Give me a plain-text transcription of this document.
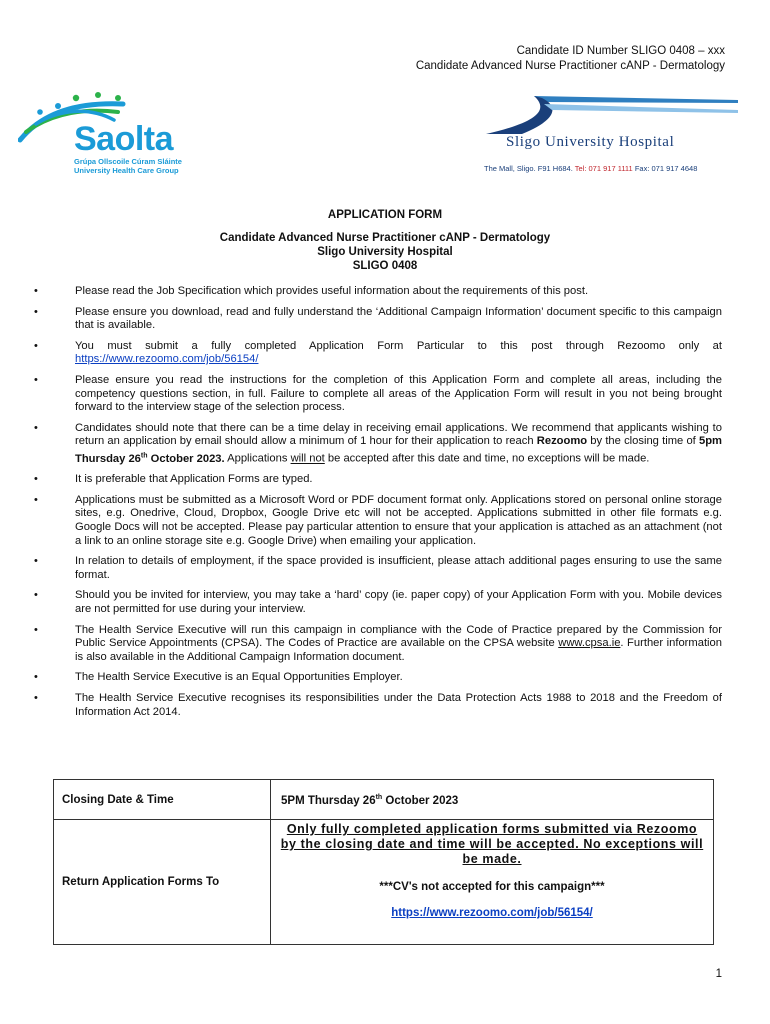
Candidate ID Number SLIGO 0408 – xxx
Candidate Advanced Nurse Practitioner cANP - Dermatology
Saolta
Grúpa Ollscoile Cúram Sláinte
University Health Care Group
Sligo University Hospital
The Mall, Sligo. F91 H684. Tel: 071 917 1111 Fax: 071 917 4648
APPLICATION FORM
Candidate Advanced Nurse Practitioner cANP - Dermatology
Sligo University Hospital
SLIGO 0408
• Please read the Job Specification which provides useful information about the requirements of this post.
• Please ensure you download, read and fully understand the ‘Additional Campaign Information’ document specific to this campaign that is available.
• You must submit a fully completed Application Form Particular to this post through Rezoomo only at https://www.rezoomo.com/job/56154/
• Please ensure you read the instructions for the completion of this Application Form and complete all areas, including the competency questions section, in full. Failure to complete all areas of the Application Form will result in you not being brought forward to the interview stage of the selection process.
• Candidates should note that there can be a time delay in receiving email applications. We recommend that applicants wishing to return an application by email should allow a minimum of 1 hour for their application to reach Rezoomo by the closing time of 5pm Thursday 26th October 2023. Applications will not be accepted after this date and time, no exceptions will be made.
• It is preferable that Application Forms are typed.
• Applications must be submitted as a Microsoft Word or PDF document format only. Applications stored on personal online storage sites, e.g. Onedrive, Cloud, Dropbox, Google Drive etc will not be accepted. Applications submitted in other file formats e.g. Google Docs will not be accepted. Please pay particular attention to ensure that your application is attached as an attachment (not a link to an online storage site e.g. Google Drive) when emailing your application.
• In relation to details of employment, if the space provided is insufficient, please attach additional pages ensuring to use the same format.
• Should you be invited for interview, you may take a ‘hard’ copy (ie. paper copy) of your Application Form with you. Mobile devices are not permitted for use during your interview.
• The Health Service Executive will run this campaign in compliance with the Code of Practice prepared by the Commission for Public Service Appointments (CPSA). The Codes of Practice are available on the CPSA website www.cpsa.ie. Further information is also available in the Additional Campaign Information document.
• The Health Service Executive is an Equal Opportunities Employer.
• The Health Service Executive recognises its responsibilities under the Data Protection Acts 1988 to 2018 and the Freedom of Information Act 2014.
Closing Date & Time	5PM Thursday 26th October 2023
Return Application Forms To	Only fully completed application forms submitted via Rezoomo by the closing date and time will be accepted. No exceptions will be made.
***CV's not accepted for this campaign***
https://www.rezoomo.com/job/56154/
1
